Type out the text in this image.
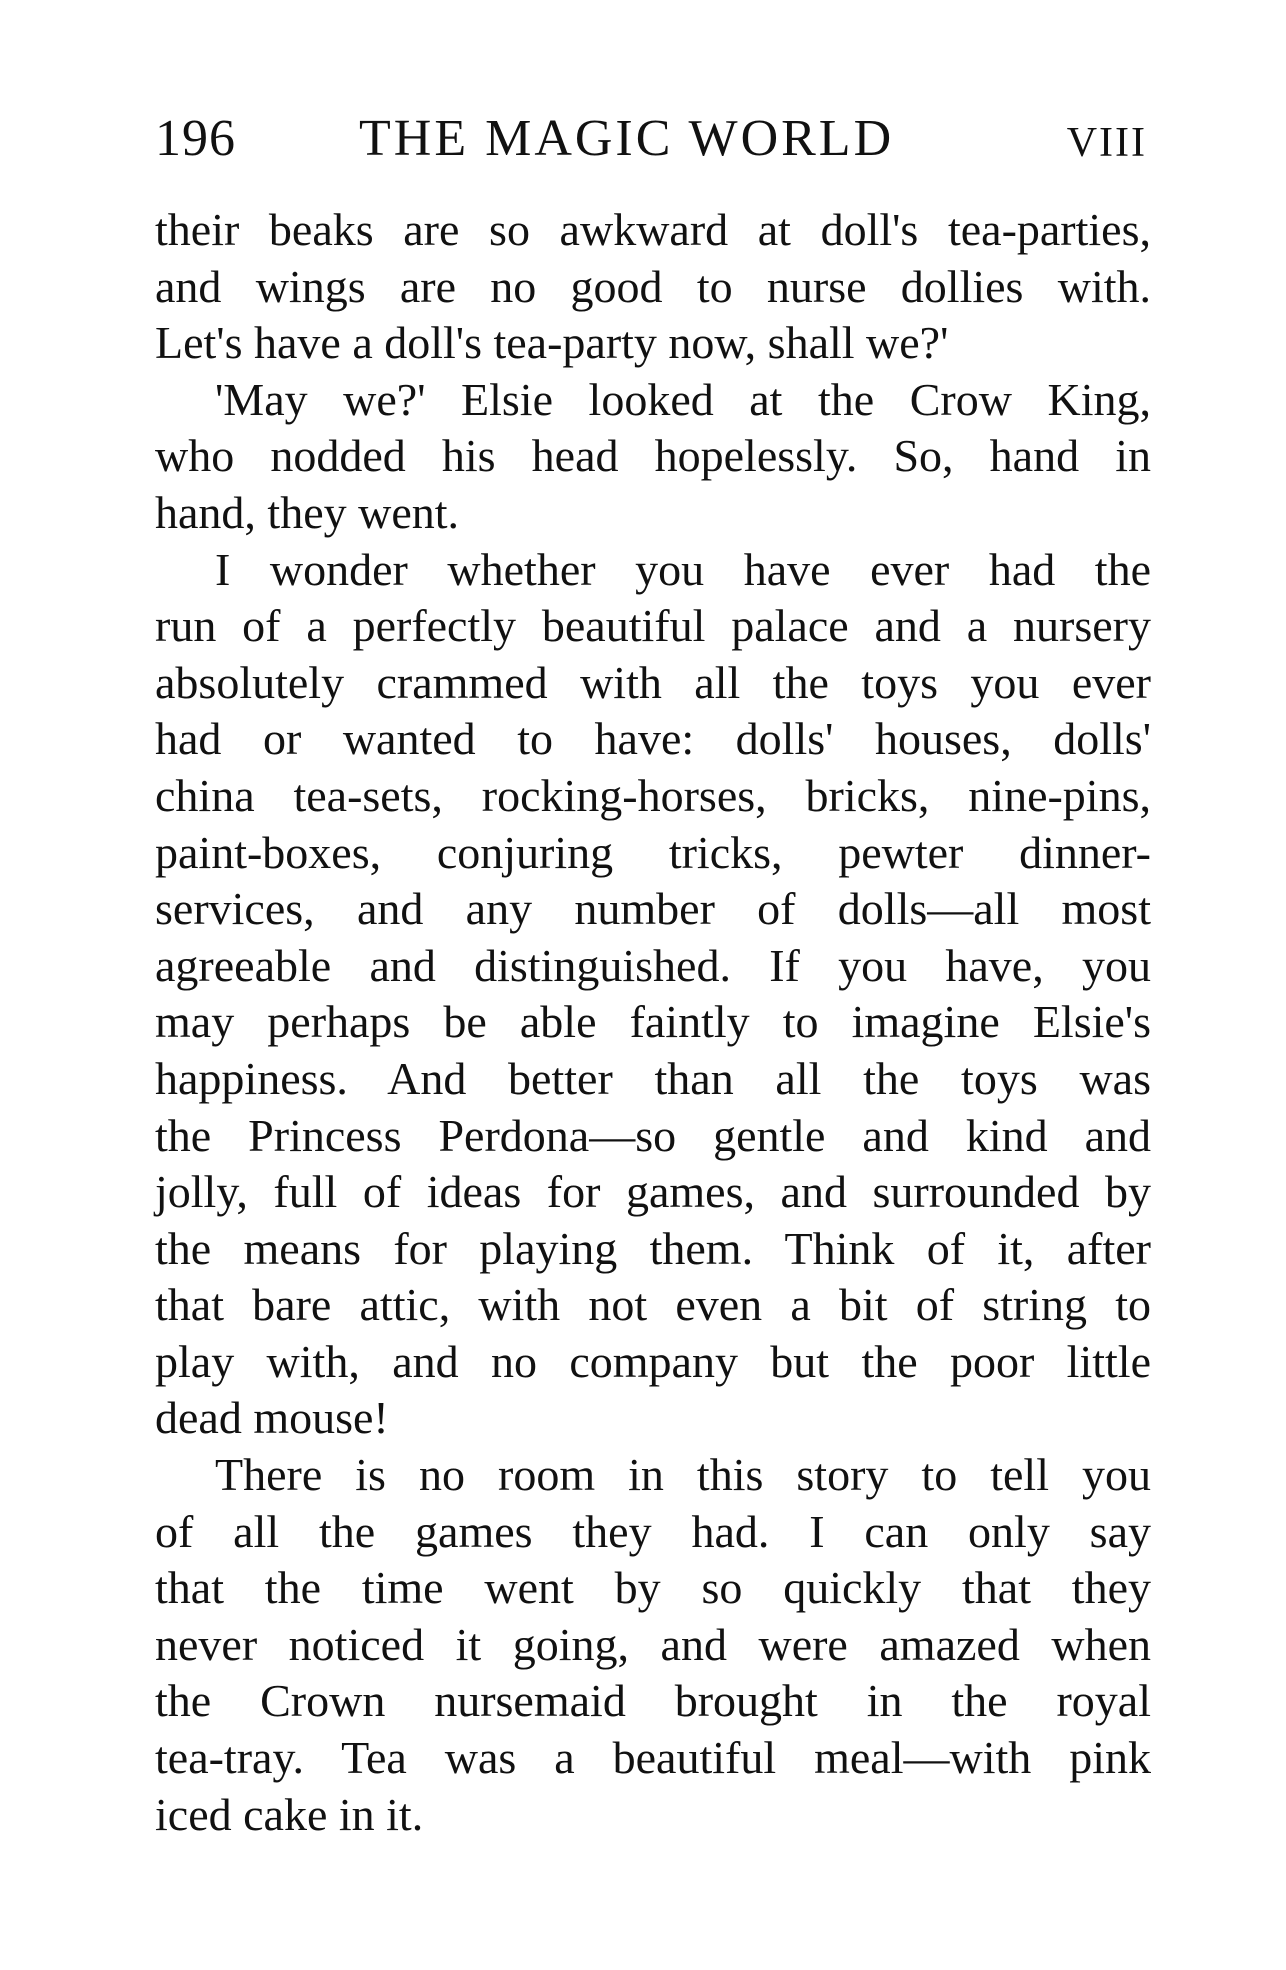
196 THE MAGIC WORLD	VIII
their beaks are so awkward at doll's tea-parties,
and wings are no good to nurse dollies with.
Let's have a doll's tea-party now, shall we?'
'May we?' Elsie looked at the Crow King,
who nodded his head hopelessly. So, hand in
hand, they went.
I wonder whether you have ever had the
run of a perfectly beautiful palace and a nursery
absolutely crammed with all the toys you ever
had or wanted to have: dolls' houses, dolls'
china tea-sets, rocking-horses, bricks, nine-pins,
paint-boxes, conjuring tricks, pewter dinner-
services, and any number of dolls—all most
agreeable and distinguished. If you have, you
may perhaps be able faintly to imagine Elsie's
happiness. And better than all the toys was
the Princess Perdona—so gentle and kind and
jolly, full of ideas for games, and surrounded by
the means for playing them. Think of it, after
that bare attic, with not even a bit of string to
play with, and no company but the poor little
dead mouse!
There is no room in this story to tell you
of all the games they had. I can only say
that the time went by so quickly that they
never noticed it going, and were amazed when
the Crown nursemaid brought in the royal
tea-tray. Tea was a beautiful meal—with pink
iced cake in it.
